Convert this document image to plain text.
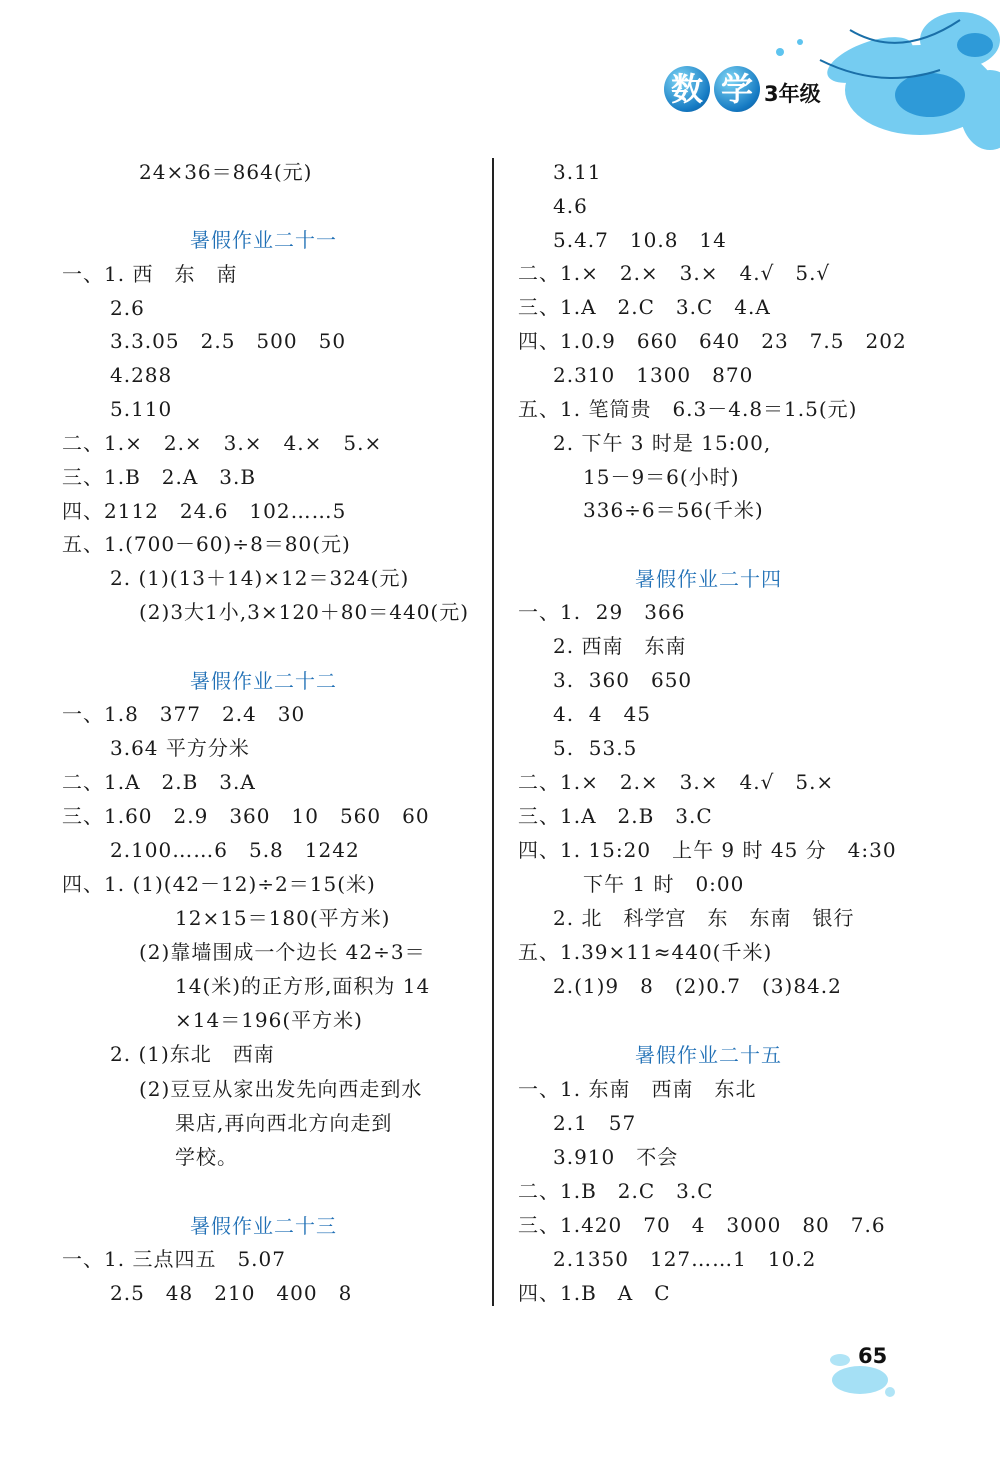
数 学 3年级
24×36＝864(元)
暑假作业二十一
一、1. 西　东　南
2.6
3.3.05　2.5　500　50
4.288
5.110
二、1.×　2.×　3.×　4.×　5.×
三、1.B　2.A　3.B
四、2112　24.6　102……5
五、1.(700－60)÷8＝80(元)
2. (1)(13＋14)×12＝324(元)
(2)3大1小,3×120＋80＝440(元)
暑假作业二十二
一、1.8　377　2.4　30
3.64 平方分米
二、1.A　2.B　3.A
三、1.60　2.9　360　10　560　60
2.100……6　5.8　1242
四、1. (1)(42－12)÷2＝15(米)
12×15＝180(平方米)
(2)靠墙围成一个边长 42÷3＝
14(米)的正方形,面积为 14
×14＝196(平方米)
2. (1)东北　西南
(2)豆豆从家出发先向西走到水
果店,再向西北方向走到
学校。
暑假作业二十三
一、1. 三点四五　5.07
2.5　48　210　400　8
3.11
4.6
5.4.7　10.8　14
二、1.×　2.×　3.×　4.√　5.√
三、1.A　2.C　3.C　4.A
四、1.0.9　660　640　23　7.5　202
2.310　1300　870
五、1. 笔筒贵　6.3－4.8＝1.5(元)
2. 下午 3 时是 15:00,
15－9＝6(小时)
336÷6＝56(千米)
暑假作业二十四
一、1.  29　366
2. 西南　东南
3.  360　650
4.  4　45
5.  53.5
二、1.×　2.×　3.×　4.√　5.×
三、1.A　2.B　3.C
四、1. 15:20　上午 9 时 45 分　4:30
下午 1 时　0:00
2. 北　科学宫　东　东南　银行
五、1.39×11≈440(千米)
2.(1)9　8　(2)0.7　(3)84.2
暑假作业二十五
一、1. 东南　西南　东北
2.1　57
3.910　不会
二、1.B　2.C　3.C
三、1.420　70　4　3000　80　7.6
2.1350　127……1　10.2
四、1.B　A　C
65
